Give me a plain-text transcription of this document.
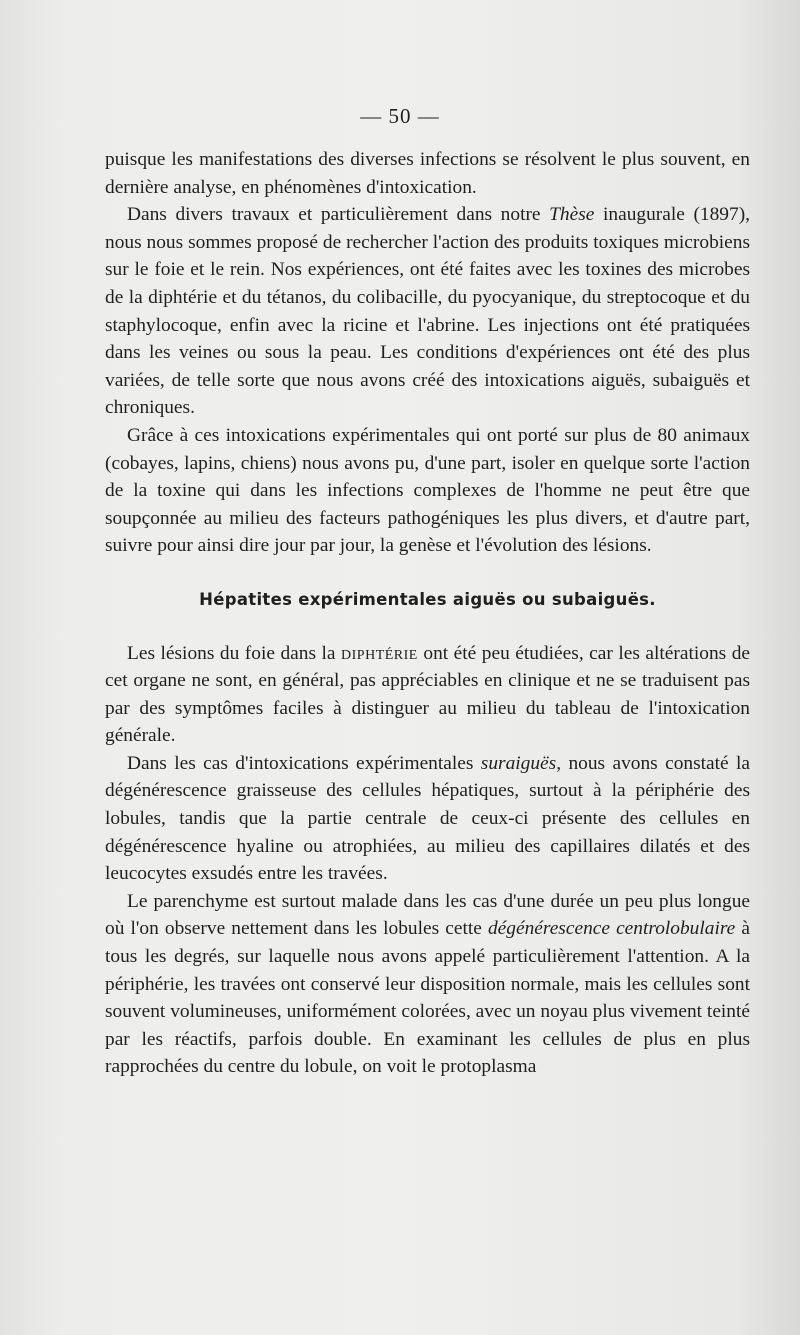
— 50 —

puisque les manifestations des diverses infections se résolvent le plus souvent, en dernière analyse, en phénomènes d'intoxication.

Dans divers travaux et particulièrement dans notre Thèse inaugurale (1897), nous nous sommes proposé de rechercher l'action des produits toxiques microbiens sur le foie et le rein. Nos expériences, ont été faites avec les toxines des microbes de la diphtérie et du tétanos, du colibacille, du pyocyanique, du streptocoque et du staphylocoque, enfin avec la ricine et l'abrine. Les injections ont été pratiquées dans les veines ou sous la peau. Les conditions d'expériences ont été des plus variées, de telle sorte que nous avons créé des intoxications aiguës, subaiguës et chroniques.

Grâce à ces intoxications expérimentales qui ont porté sur plus de 80 animaux (cobayes, lapins, chiens) nous avons pu, d'une part, isoler en quelque sorte l'action de la toxine qui dans les infections complexes de l'homme ne peut être que soupçonnée au milieu des facteurs pathogéniques les plus divers, et d'autre part, suivre pour ainsi dire jour par jour, la genèse et l'évolution des lésions.

Hépatites expérimentales aiguës ou subaiguës.

Les lésions du foie dans la diphtérie ont été peu étudiées, car les altérations de cet organe ne sont, en général, pas appréciables en clinique et ne se traduisent pas par des symptômes faciles à distinguer au milieu du tableau de l'intoxication générale.

Dans les cas d'intoxications expérimentales suraiguës, nous avons constaté la dégénérescence graisseuse des cellules hépatiques, surtout à la périphérie des lobules, tandis que la partie centrale de ceux-ci présente des cellules en dégénérescence hyaline ou atrophiées, au milieu des capillaires dilatés et des leucocytes exsudés entre les travées.

Le parenchyme est surtout malade dans les cas d'une durée un peu plus longue où l'on observe nettement dans les lobules cette dégénérescence centrolobulaire à tous les degrés, sur laquelle nous avons appelé particulièrement l'attention. A la périphérie, les travées ont conservé leur disposition normale, mais les cellules sont souvent volumineuses, uniformément colorées, avec un noyau plus vivement teinté par les réactifs, parfois double. En examinant les cellules de plus en plus rapprochées du centre du lobule, on voit le protoplasma
